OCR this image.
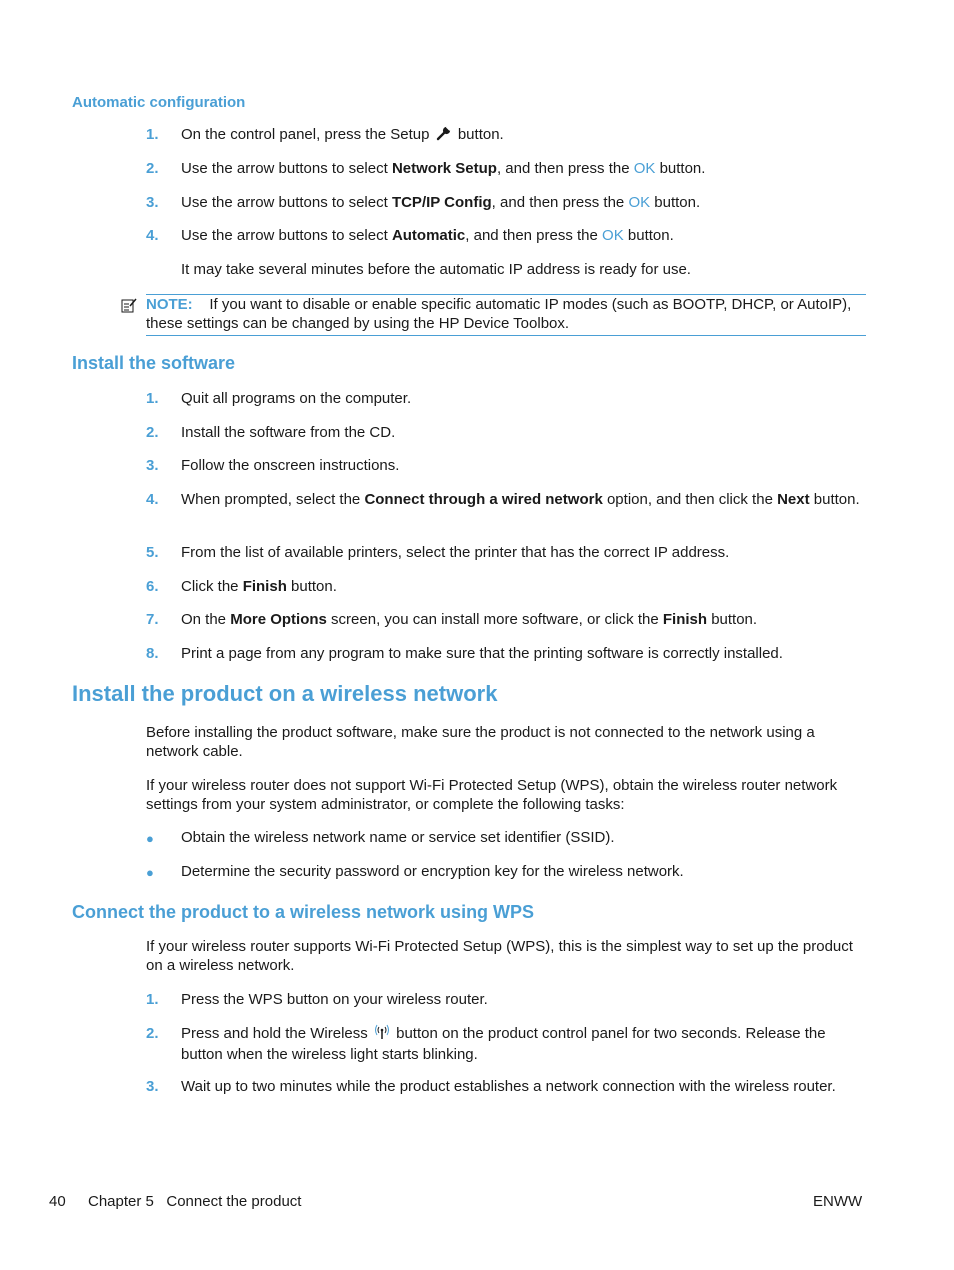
Automatic configuration
1.	On the control panel, press the Setup button.
2.	Use the arrow buttons to select Network Setup, and then press the OK button.
3.	Use the arrow buttons to select TCP/IP Config, and then press the OK button.
4.	Use the arrow buttons to select Automatic, and then press the OK button.
It may take several minutes before the automatic IP address is ready for use.
NOTE: If you want to disable or enable specific automatic IP modes (such as BOOTP, DHCP, or AutoIP), these settings can be changed by using the HP Device Toolbox.
Install the software
1.	Quit all programs on the computer.
2.	Install the software from the CD.
3.	Follow the onscreen instructions.
4.	When prompted, select the Connect through a wired network option, and then click the Next button.
5.	From the list of available printers, select the printer that has the correct IP address.
6.	Click the Finish button.
7.	On the More Options screen, you can install more software, or click the Finish button.
8.	Print a page from any program to make sure that the printing software is correctly installed.
Install the product on a wireless network
Before installing the product software, make sure the product is not connected to the network using a network cable.
If your wireless router does not support Wi-Fi Protected Setup (WPS), obtain the wireless router network settings from your system administrator, or complete the following tasks:
● Obtain the wireless network name or service set identifier (SSID).
● Determine the security password or encryption key for the wireless network.
Connect the product to a wireless network using WPS
If your wireless router supports Wi-Fi Protected Setup (WPS), this is the simplest way to set up the product on a wireless network.
1.	Press the WPS button on your wireless router.
2.	Press and hold the Wireless button on the product control panel for two seconds. Release the button when the wireless light starts blinking.
3.	Wait up to two minutes while the product establishes a network connection with the wireless router.
40 Chapter 5   Connect the product	ENWW
